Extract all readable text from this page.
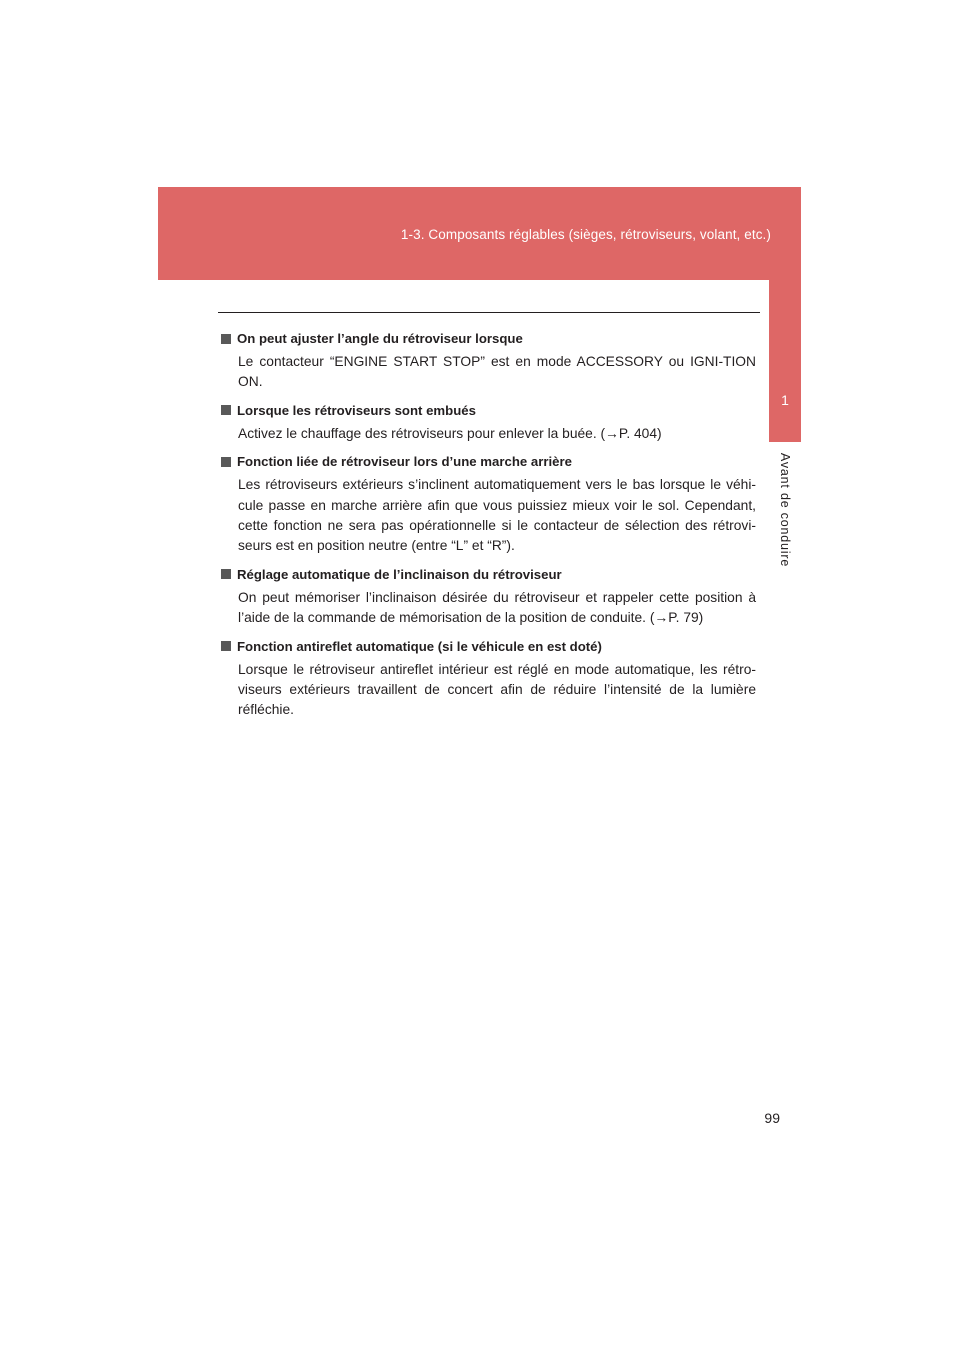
1-3. Composants réglables (sièges, rétroviseurs, volant, etc.)
1
Avant de conduire
On peut ajuster l’angle du rétroviseur lorsque
Le contacteur “ENGINE START STOP” est en mode ACCESSORY ou IGNI-TION ON.
Lorsque les rétroviseurs sont embués
Activez le chauffage des rétroviseurs pour enlever la buée. (→P. 404)
Fonction liée de rétroviseur lors d’une marche arrière
Les rétroviseurs extérieurs s’inclinent automatiquement vers le bas lorsque le véhi-cule passe en marche arrière afin que vous puissiez mieux voir le sol. Cependant, cette fonction ne sera pas opérationnelle si le contacteur de sélection des rétrovi-seurs est en position neutre (entre “L” et “R”).
Réglage automatique de l’inclinaison du rétroviseur
On peut mémoriser l’inclinaison désirée du rétroviseur et rappeler cette position à l’aide de la commande de mémorisation de la position de conduite. (→P. 79)
Fonction antireflet automatique (si le véhicule en est doté)
Lorsque le rétroviseur antireflet intérieur est réglé en mode automatique, les rétro-viseurs extérieurs travaillent de concert afin de réduire l’intensité de la lumière réfléchie.
99
